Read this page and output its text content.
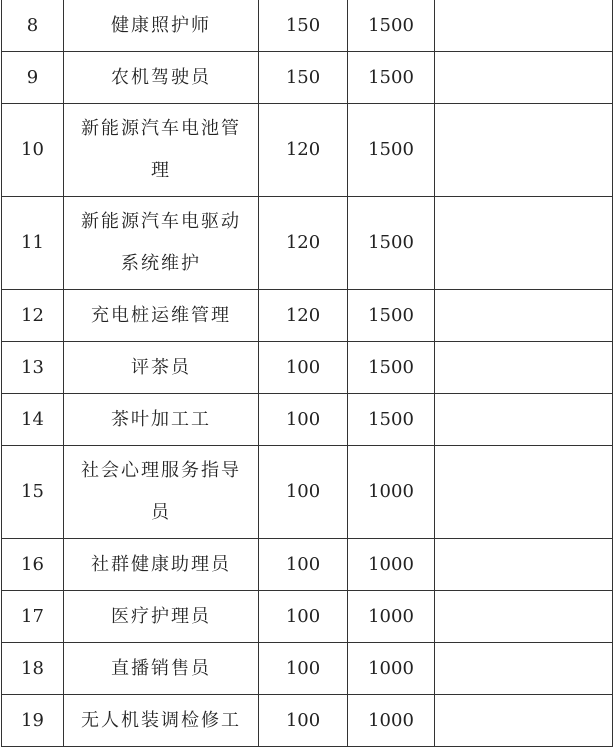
8	健康照护师	150	1500	
9	农机驾驶员	150	1500	
10	新能源汽车电池管理	120	1500	
11	新能源汽车电驱动系统维护	120	1500	
12	充电桩运维管理	120	1500	
13	评茶员	100	1500	
14	茶叶加工工	100	1500	
15	社会心理服务指导员	100	1000	
16	社群健康助理员	100	1000	
17	医疗护理员	100	1000	
18	直播销售员	100	1000	
19	无人机装调检修工	100	1000	
